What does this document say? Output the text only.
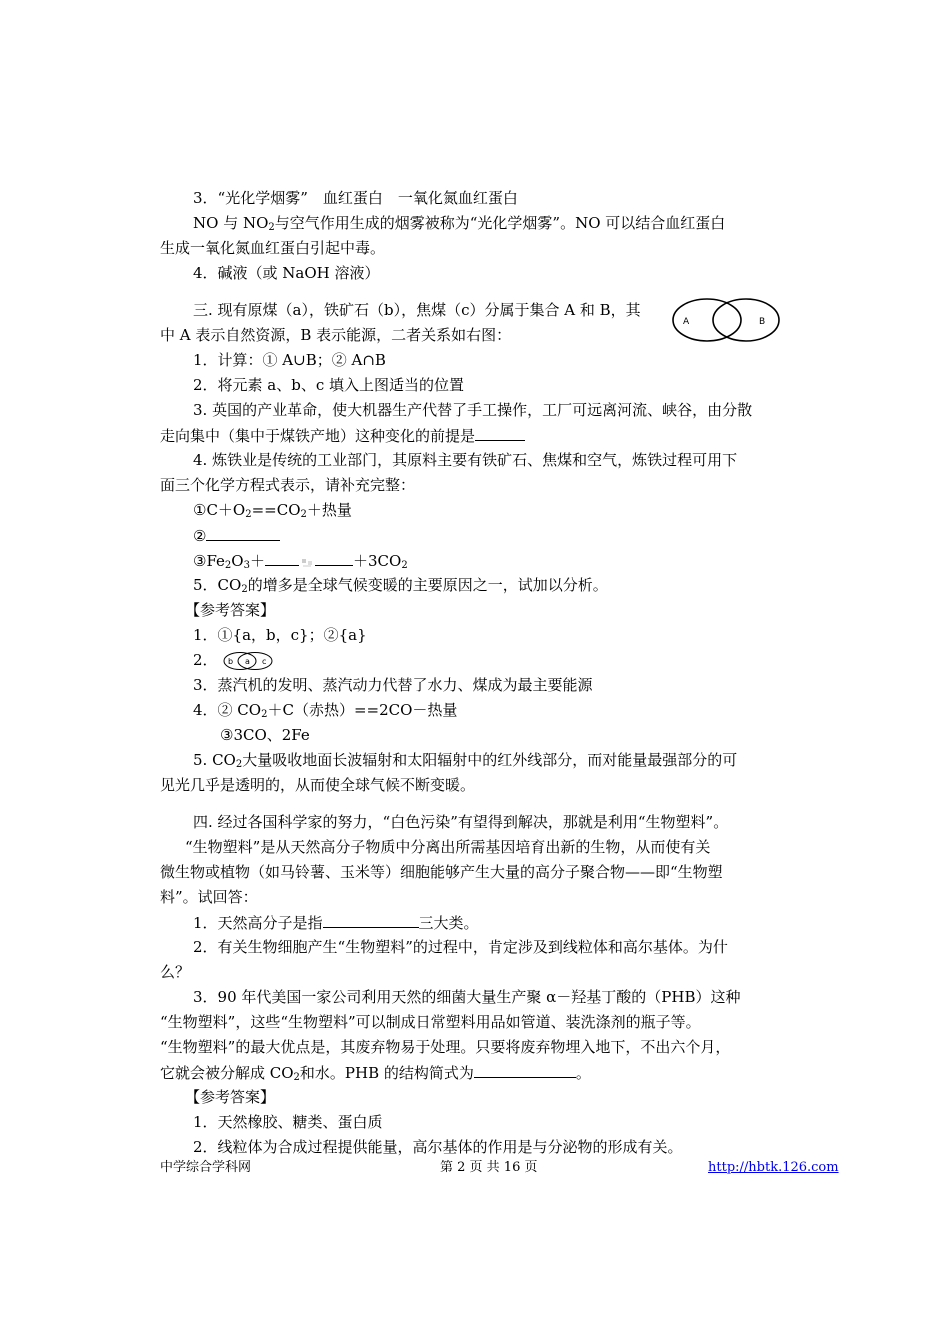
3．“光化学烟雾”　血红蛋白　一氧化氮血红蛋白
NO 与 $NO_2$与空气作用生成的烟雾被称为“光化学烟雾”。NO 可以结合血红蛋白
生成一氧化氮血红蛋白引起中毒。
4．碱液（或 NaOH 溶液）
三. 现有原煤（a），铁矿石（b），焦煤（c）分属于集合 A 和 B，其
中 A 表示自然资源，B 表示能源，二者关系如右图：
A	B
1．计算：① A∪B；② A∩B
2．将元素 a、b、c 填入上图适当的位置
3. 英国的产业革命，使大机器生产代替了手工操作，工厂可远离河流、峡谷，由分散
走向集中（集中于煤铁产地）这种变化的前提是
4. 炼铁业是传统的工业部门，其原料主要有铁矿石、焦煤和空气，炼铁过程可用下
面三个化学方程式表示，请补充完整：
$①C+O_2==CO_2+$热量
②
$③Fe_2O_3+$	$+3CO_2$
5．$CO_2$的增多是全球气候变暖的主要原因之一，试加以分析。
【参考答案】
1．①{a，b，c}；②{a}
2． b a c
3．蒸汽机的发明、蒸汽动力代替了水力、煤成为最主要能源
4．② $CO_2+C$（赤热）==2CO－热量
③3CO、2Fe
5. $CO_2$大量吸收地面长波辐射和太阳辐射中的红外线部分，而对能量最强部分的可
见光几乎是透明的，从而使全球气候不断变暖。
四. 经过各国科学家的努力，“白色污染”有望得到解决，那就是利用“生物塑料”。
“生物塑料”是从天然高分子物质中分离出所需基因培育出新的生物，从而使有关
微生物或植物（如马铃薯、玉米等）细胞能够产生大量的高分子聚合物——即“生物塑
料”。试回答：
1．天然高分子是指	三大类。
2．有关生物细胞产生“生物塑料”的过程中，肯定涉及到线粒体和高尔基体。为什
么？
3．90 年代美国一家公司利用天然的细菌大量生产聚 α－羟基丁酸的（PHB）这种
“生物塑料”，这些“生物塑料”可以制成日常塑料用品如管道、装洗涤剂的瓶子等。
“生物塑料”的最大优点是，其废弃物易于处理。只要将废弃物埋入地下，不出六个月，
它就会被分解成 $CO_2$和水。PHB 的结构简式为	。
【参考答案】
1．天然橡胶、糖类、蛋白质
2．线粒体为合成过程提供能量，高尔基体的作用是与分泌物的形成有关。
中学综合学科网	第 2 页 共 16 页	http://hbtk.126.com
